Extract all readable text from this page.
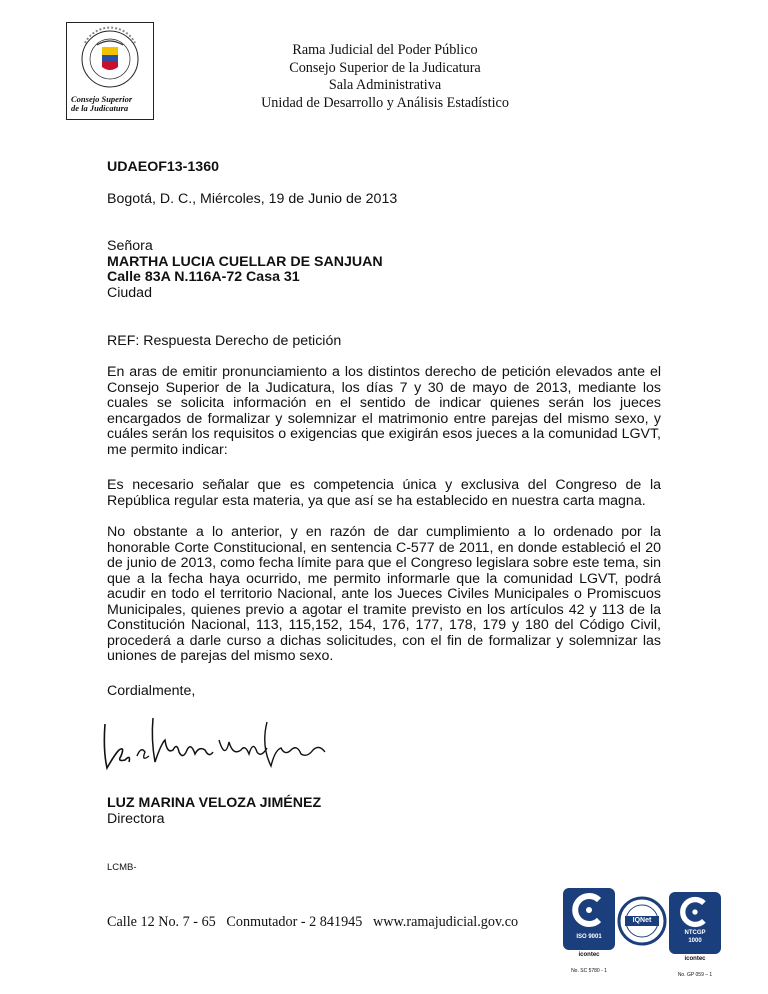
Consejo Superior
de la Judicatura
Rama Judicial del Poder Público
Consejo Superior de la Judicatura
Sala Administrativa
Unidad de Desarrollo y Análisis Estadístico
UDAEOF13-1360
Bogotá, D. C., Miércoles, 19 de Junio de 2013
Señora
MARTHA LUCIA CUELLAR DE SANJUAN
Calle 83A N.116A-72 Casa 31
Ciudad
REF: Respuesta Derecho de petición
En aras de emitir pronunciamiento a los distintos derecho de petición elevados ante el Consejo Superior de la Judicatura, los días 7 y 30 de mayo de 2013, mediante los cuales se solicita información en el sentido de indicar quienes serán los jueces encargados de formalizar y solemnizar el matrimonio entre parejas del mismo sexo, y cuáles serán los requisitos o exigencias que exigirán esos jueces a la comunidad LGVT, me permito indicar:
Es necesario señalar que es competencia única y exclusiva del Congreso de la República regular esta materia, ya que así se ha establecido en nuestra carta magna.
No obstante a lo anterior, y en razón de dar cumplimiento a lo ordenado por la honorable Corte Constitucional, en sentencia C-577 de 2011, en donde estableció el 20 de junio de 2013, como fecha límite para que el Congreso legislara sobre este tema, sin que a la fecha haya ocurrido, me permito informarle que la comunidad LGVT, podrá acudir en todo el territorio Nacional, ante los Jueces Civiles Municipales o Promiscuos Municipales, quienes previo a agotar el tramite previsto en los artículos 42 y 113 de la Constitución Nacional, 113, 115,152, 154, 176, 177, 178, 179 y 180 del Código Civil, procederá a darle curso a dichas solicitudes, con el fin de formalizar y solemnizar las uniones de parejas del mismo sexo.
Cordialmente,
LUZ MARINA VELOZA JIMÉNEZ
Directora
LCMB-
Calle 12 No. 7 - 65   Conmutador - 2 841945   www.ramajudicial.gov.co
ISO 9001
icontec
No. SC 5780 - 1
IQNet
NTCGP
1000
icontec
No. GP 059 – 1
